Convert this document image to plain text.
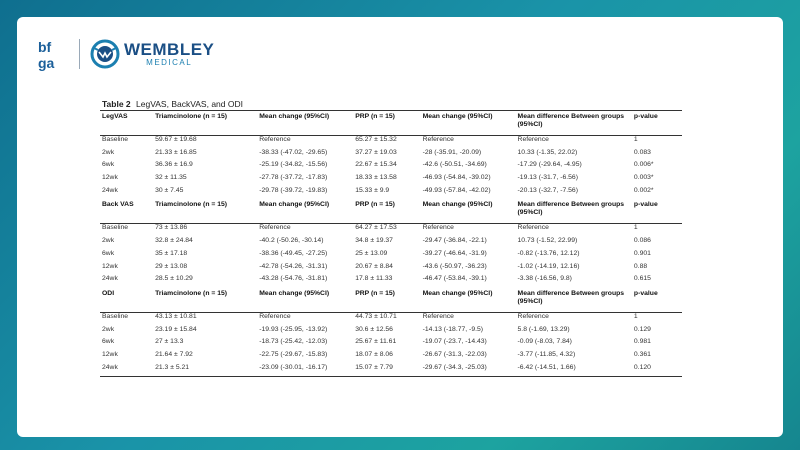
bf
ga
WEMBLEY
MEDICAL
Table 2 LegVAS, BackVAS, and ODI
LegVAS	Triamcinolone (n = 15)	Mean change (95%CI)	PRP (n = 15)	Mean change (95%CI)	Mean difference Between groups (95%CI)	p-value
Baseline	59.67 ± 19.68	Reference	65.27 ± 15.32	Reference	Reference	1
2wk	21.33 ± 16.85	-38.33 (-47.02, -29.65)	37.27 ± 19.03	-28 (-35.91, -20.09)	10.33 (-1.35, 22.02)	0.083
6wk	36.36 ± 16.9	-25.19 (-34.82, -15.56)	22.67 ± 15.34	-42.6 (-50.51, -34.69)	-17.29 (-29.64, -4.95)	0.006*
12wk	32 ± 11.35	-27.78 (-37.72, -17.83)	18.33 ± 13.58	-46.93 (-54.84, -39.02)	-19.13 (-31.7, -6.56)	0.003*
24wk	30 ± 7.45	-29.78 (-39.72, -19.83)	15.33 ± 9.9	-49.93 (-57.84, -42.02)	-20.13 (-32.7, -7.56)	0.002*
Back VAS	Triamcinolone (n = 15)	Mean change (95%CI)	PRP (n = 15)	Mean change (95%CI)	Mean difference Between groups (95%CI)	p-value
Baseline	73 ± 13.86	Reference	64.27 ± 17.53	Reference	Reference	1
2wk	32.8 ± 24.84	-40.2 (-50.26, -30.14)	34.8 ± 19.37	-29.47 (-36.84, -22.1)	10.73 (-1.52, 22.99)	0.086
6wk	35 ± 17.18	-38.36 (-49.45, -27.25)	25 ± 13.09	-39.27 (-46.64, -31.9)	-0.82 (-13.76, 12.12)	0.901
12wk	29 ± 13.08	-42.78 (-54.26, -31.31)	20.67 ± 8.84	-43.6 (-50.97, -36.23)	-1.02 (-14.19, 12.16)	0.88
24wk	28.5 ± 10.29	-43.28 (-54.76, -31.81)	17.8 ± 11.33	-46.47 (-53.84, -39.1)	-3.38 (-16.56, 9.8)	0.615
ODI	Triamcinolone (n = 15)	Mean change (95%CI)	PRP (n = 15)	Mean change (95%CI)	Mean difference Between groups (95%CI)	p-value
Baseline	43.13 ± 10.81	Reference	44.73 ± 10.71	Reference	Reference	1
2wk	23.19 ± 15.84	-19.93 (-25.95, -13.92)	30.6 ± 12.56	-14.13 (-18.77, -9.5)	5.8 (-1.69, 13.29)	0.129
6wk	27 ± 13.3	-18.73 (-25.42, -12.03)	25.67 ± 11.61	-19.07 (-23.7, -14.43)	-0.09 (-8.03, 7.84)	0.981
12wk	21.64 ± 7.92	-22.75 (-29.67, -15.83)	18.07 ± 8.06	-26.67 (-31.3, -22.03)	-3.77 (-11.85, 4.32)	0.361
24wk	21.3 ± 5.21	-23.09 (-30.01, -16.17)	15.07 ± 7.79	-29.67 (-34.3, -25.03)	-6.42 (-14.51, 1.66)	0.120
